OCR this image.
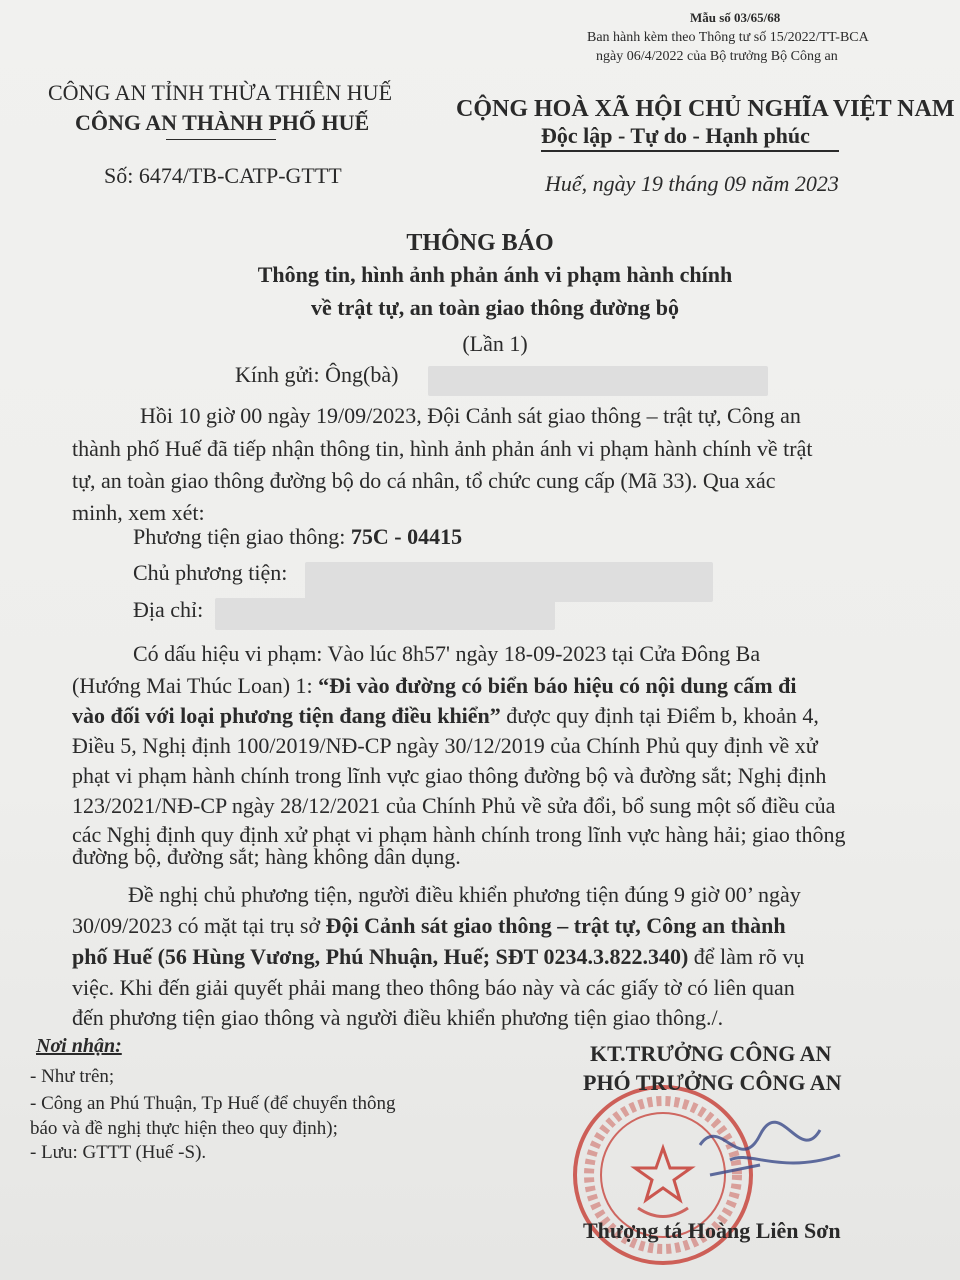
Mẫu số 03/65/68
Ban hành kèm theo Thông tư số 15/2022/TT-BCA
ngày 06/4/2022 của Bộ trưởng Bộ Công an
CÔNG AN TỈNH THỪA THIÊN HUẾ
CÔNG AN THÀNH PHỐ HUẾ
Số: 6474/TB-CATP-GTTT
CỘNG HOÀ XÃ HỘI CHỦ NGHĨA VIỆT NAM
Độc lập - Tự do - Hạnh phúc
Huế, ngày 19 tháng 09 năm 2023
THÔNG BÁO
Thông tin, hình ảnh phản ánh vi phạm hành chính
về trật tự, an toàn giao thông đường bộ
(Lần 1)
Kính gửi: Ông(bà)
Hồi 10 giờ 00 ngày 19/09/2023, Đội Cảnh sát giao thông – trật tự, Công an
thành phố Huế đã tiếp nhận thông tin, hình ảnh phản ánh vi phạm hành chính về trật
tự, an toàn giao thông đường bộ do cá nhân, tổ chức cung cấp (Mã 33). Qua xác
minh, xem xét:
Phương tiện giao thông: 75C - 04415
Chủ phương tiện:
Địa chỉ:
Có dấu hiệu vi phạm: Vào lúc 8h57' ngày 18-09-2023 tại Cửa Đông Ba
(Hướng Mai Thúc Loan) 1: “Đi vào đường có biển báo hiệu có nội dung cấm đi
vào đối với loại phương tiện đang điều khiển” được quy định tại Điểm b, khoản 4,
Điều 5, Nghị định 100/2019/NĐ-CP ngày 30/12/2019 của Chính Phủ quy định về xử
phạt vi phạm hành chính trong lĩnh vực giao thông đường bộ và đường sắt; Nghị định
123/2021/NĐ-CP ngày 28/12/2021 của Chính Phủ về sửa đổi, bổ sung một số điều của
các Nghị định quy định xử phạt vi phạm hành chính trong lĩnh vực hàng hải; giao thông
đường bộ, đường sắt; hàng không dân dụng.
Đề nghị chủ phương tiện, người điều khiển phương tiện đúng 9 giờ 00’ ngày
30/09/2023 có mặt tại trụ sở Đội Cảnh sát giao thông – trật tự, Công an thành
phố Huế (56 Hùng Vương, Phú Nhuận, Huế; SĐT 0234.3.822.340) để làm rõ vụ
việc. Khi đến giải quyết phải mang theo thông báo này và các giấy tờ có liên quan
đến phương tiện giao thông và người điều khiển phương tiện giao thông./.
Nơi nhận:
- Như trên;
- Công an Phú Thuận, Tp Huế (để chuyển thông
báo và đề nghị thực hiện theo quy định);
- Lưu: GTTT (Huế -S).
KT.TRƯỞNG CÔNG AN
PHÓ TRƯỞNG CÔNG AN
Thượng tá Hoàng Liên Sơn
